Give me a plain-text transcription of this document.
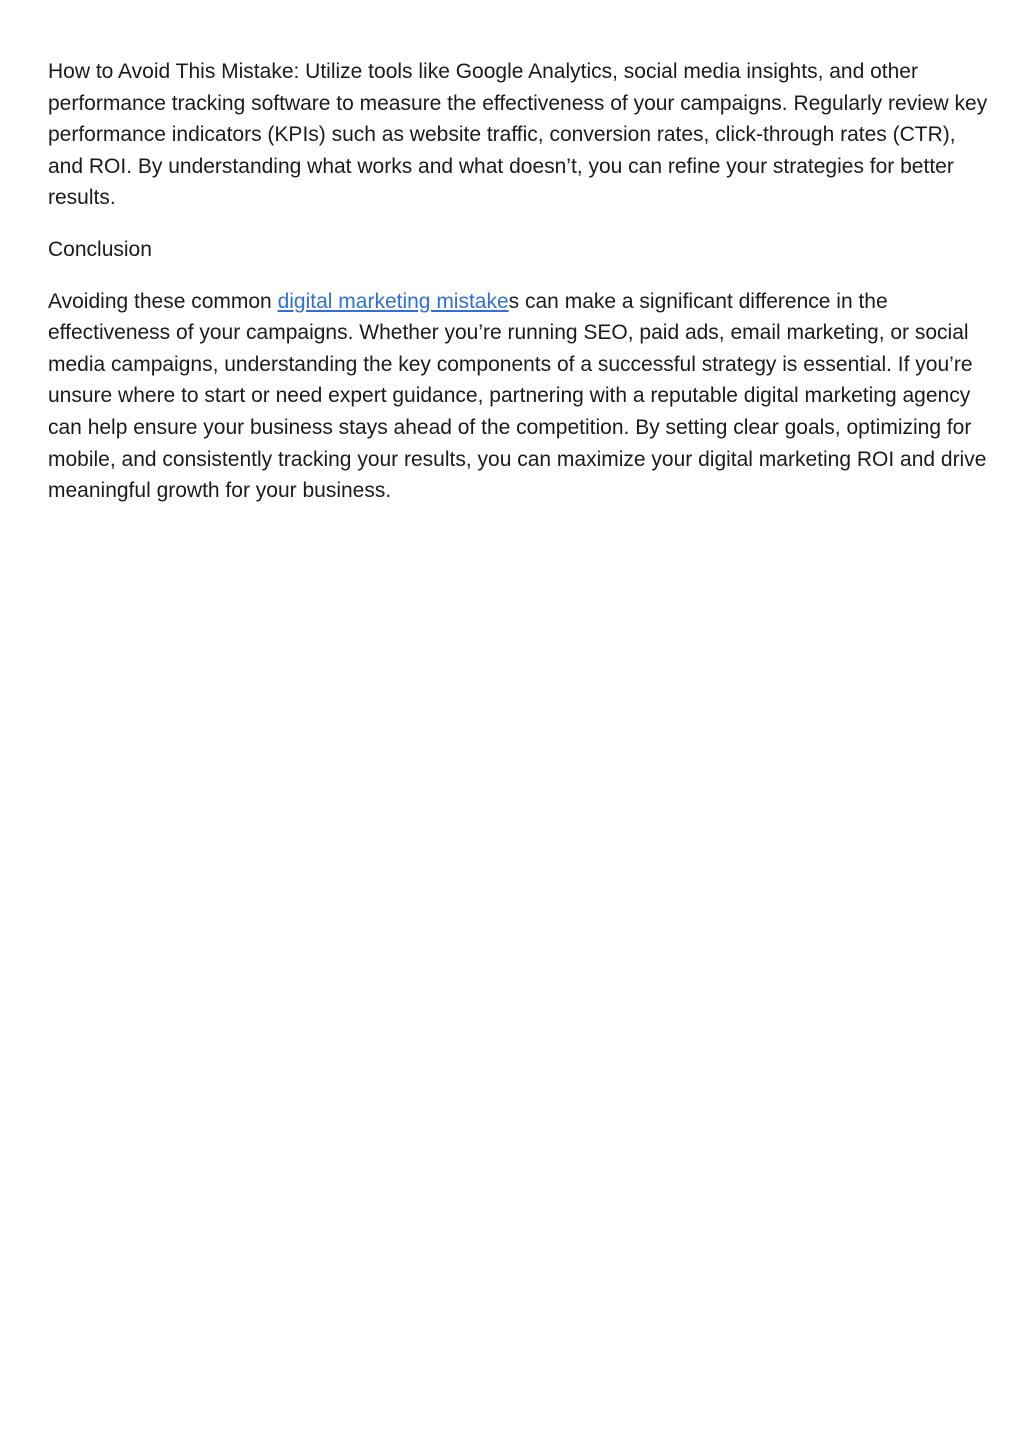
How to Avoid This Mistake: Utilize tools like Google Analytics, social media insights, and other performance tracking software to measure the effectiveness of your campaigns. Regularly review key performance indicators (KPIs) such as website traffic, conversion rates, click-through rates (CTR), and ROI. By understanding what works and what doesn’t, you can refine your strategies for better results.

Conclusion

Avoiding these common digital marketing mistakes can make a significant difference in the effectiveness of your campaigns. Whether you’re running SEO, paid ads, email marketing, or social media campaigns, understanding the key components of a successful strategy is essential. If you’re unsure where to start or need expert guidance, partnering with a reputable digital marketing agency can help ensure your business stays ahead of the competition. By setting clear goals, optimizing for mobile, and consistently tracking your results, you can maximize your digital marketing ROI and drive meaningful growth for your business.
